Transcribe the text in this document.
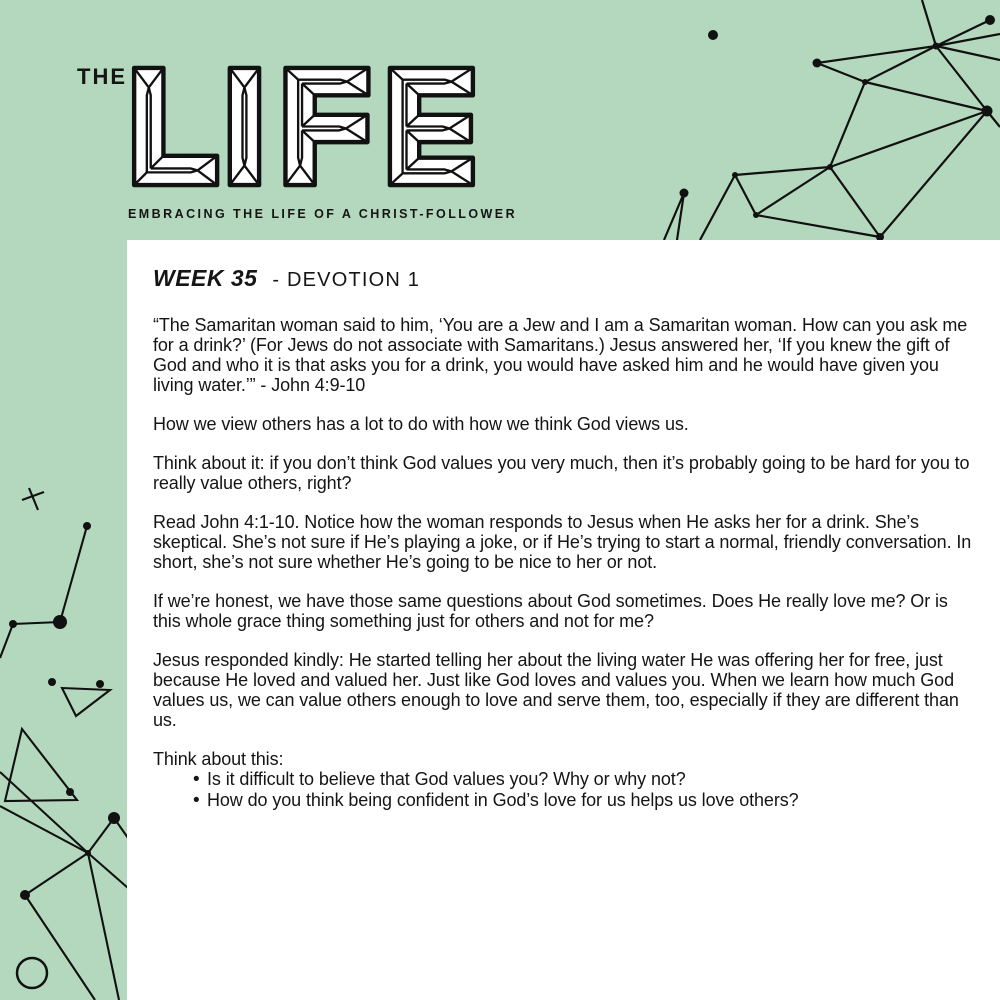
THE
EMBRACING THE LIFE OF A CHRIST-FOLLOWER
WEEK 35 - DEVOTION 1

“The Samaritan woman said to him, ‘You are a Jew and I am a Samaritan woman. How can you ask me for a drink?’ (For Jews do not associate with Samaritans.) Jesus answered her, ‘If you knew the gift of God and who it is that asks you for a drink, you would have asked him and he would have given you living water.’” - John 4:9-10

How we view others has a lot to do with how we think God views us.

Think about it: if you don’t think God values you very much, then it’s probably going to be hard for you to really value others, right?

Read John 4:1-10. Notice how the woman responds to Jesus when He asks her for a drink. She’s skeptical. She’s not sure if He’s playing a joke, or if He’s trying to start a normal, friendly conversation. In short, she’s not sure whether He’s going to be nice to her or not.

If we’re honest, we have those same questions about God sometimes. Does He really love me? Or is this whole grace thing something just for others and not for me?

Jesus responded kindly: He started telling her about the living water He was offering her for free, just because He loved and valued her. Just like God loves and values you. When we learn how much God values us, we can value others enough to love and serve them, too, especially if they are different than us.

Think about this:

• Is it difficult to believe that God values you? Why or why not?
• How do you think being confident in God’s love for us helps us love others?
